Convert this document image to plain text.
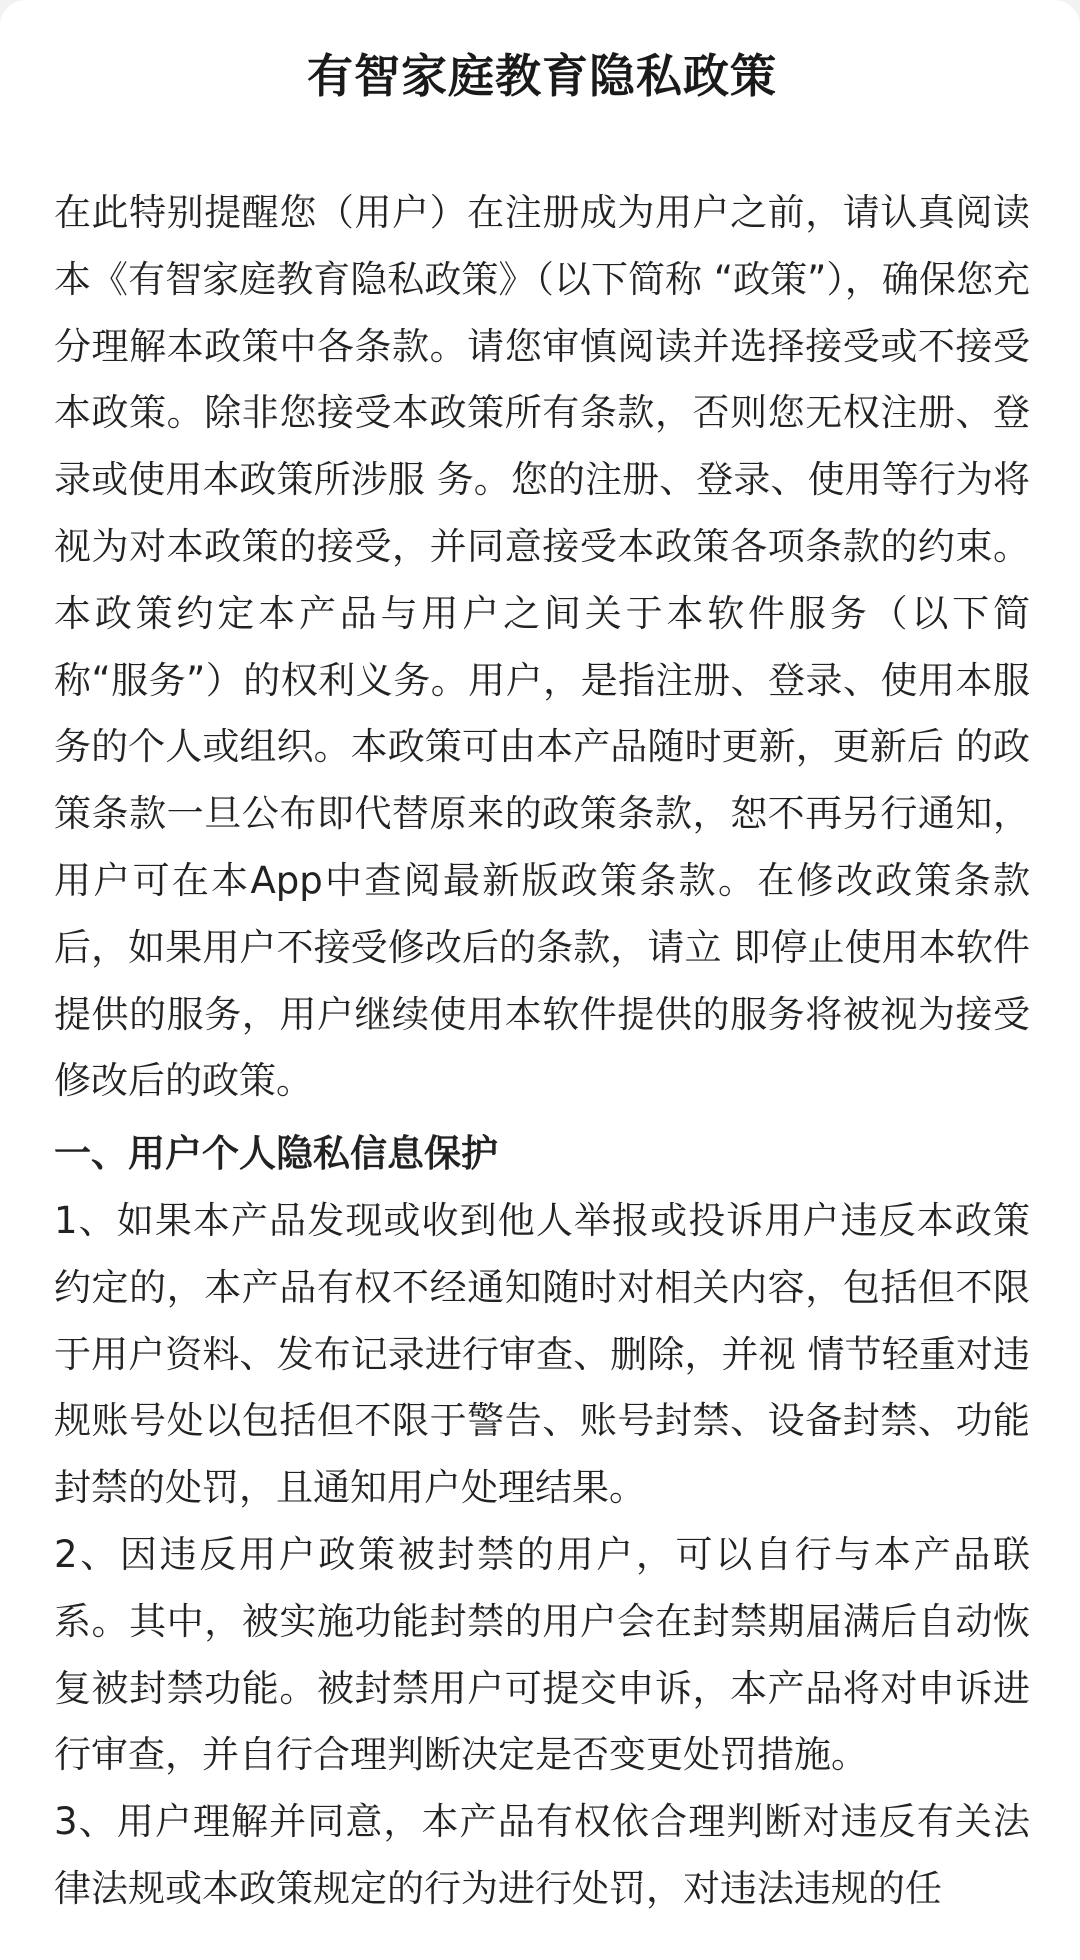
有智家庭教育隐私政策

在此特别提醒您（用户）在注册成为用户之前，请认真阅读本《有智家庭教育隐私政策》（以下简称 “政策”），确保您充分理解本政策中各条款。请您审慎阅读并选择接受或不接受本政策。除非您接受本政策所有条款，否则您无权注册、登录或使用本政策所涉服 务。您的注册、登录、使用等行为将视为对本政策的接受，并同意接受本政策各项条款的约束。本政策约定本产品与用户之间关于本软件服务（以下简称“服务”）的权利义务。用户，是指注册、登录、使用本服务的个人或组织。本政策可由本产品随时更新，更新后 的政策条款一旦公布即代替原来的政策条款，恕不再另行通知，用户可在本App中查阅最新版政策条款。在修改政策条款后，如果用户不接受修改后的条款，请立 即停止使用本软件提供的服务，用户继续使用本软件提供的服务将被视为接受修改后的政策。

一、用户个人隐私信息保护

1、如果本产品发现或收到他人举报或投诉用户违反本政策约定的，本产品有权不经通知随时对相关内容，包括但不限于用户资料、发布记录进行审查、删除，并视 情节轻重对违规账号处以包括但不限于警告、账号封禁、设备封禁、功能封禁的处罚，且通知用户处理结果。

2、因违反用户政策被封禁的用户，可以自行与本产品联系。其中，被实施功能封禁的用户会在封禁期届满后自动恢复被封禁功能。被封禁用户可提交申诉，本产品将对申诉进行审查，并自行合理判断决定是否变更处罚措施。

3、用户理解并同意，本产品有权依合理判断对违反有关法律法规或本政策规定的行为进行处罚，对违法违规的任
